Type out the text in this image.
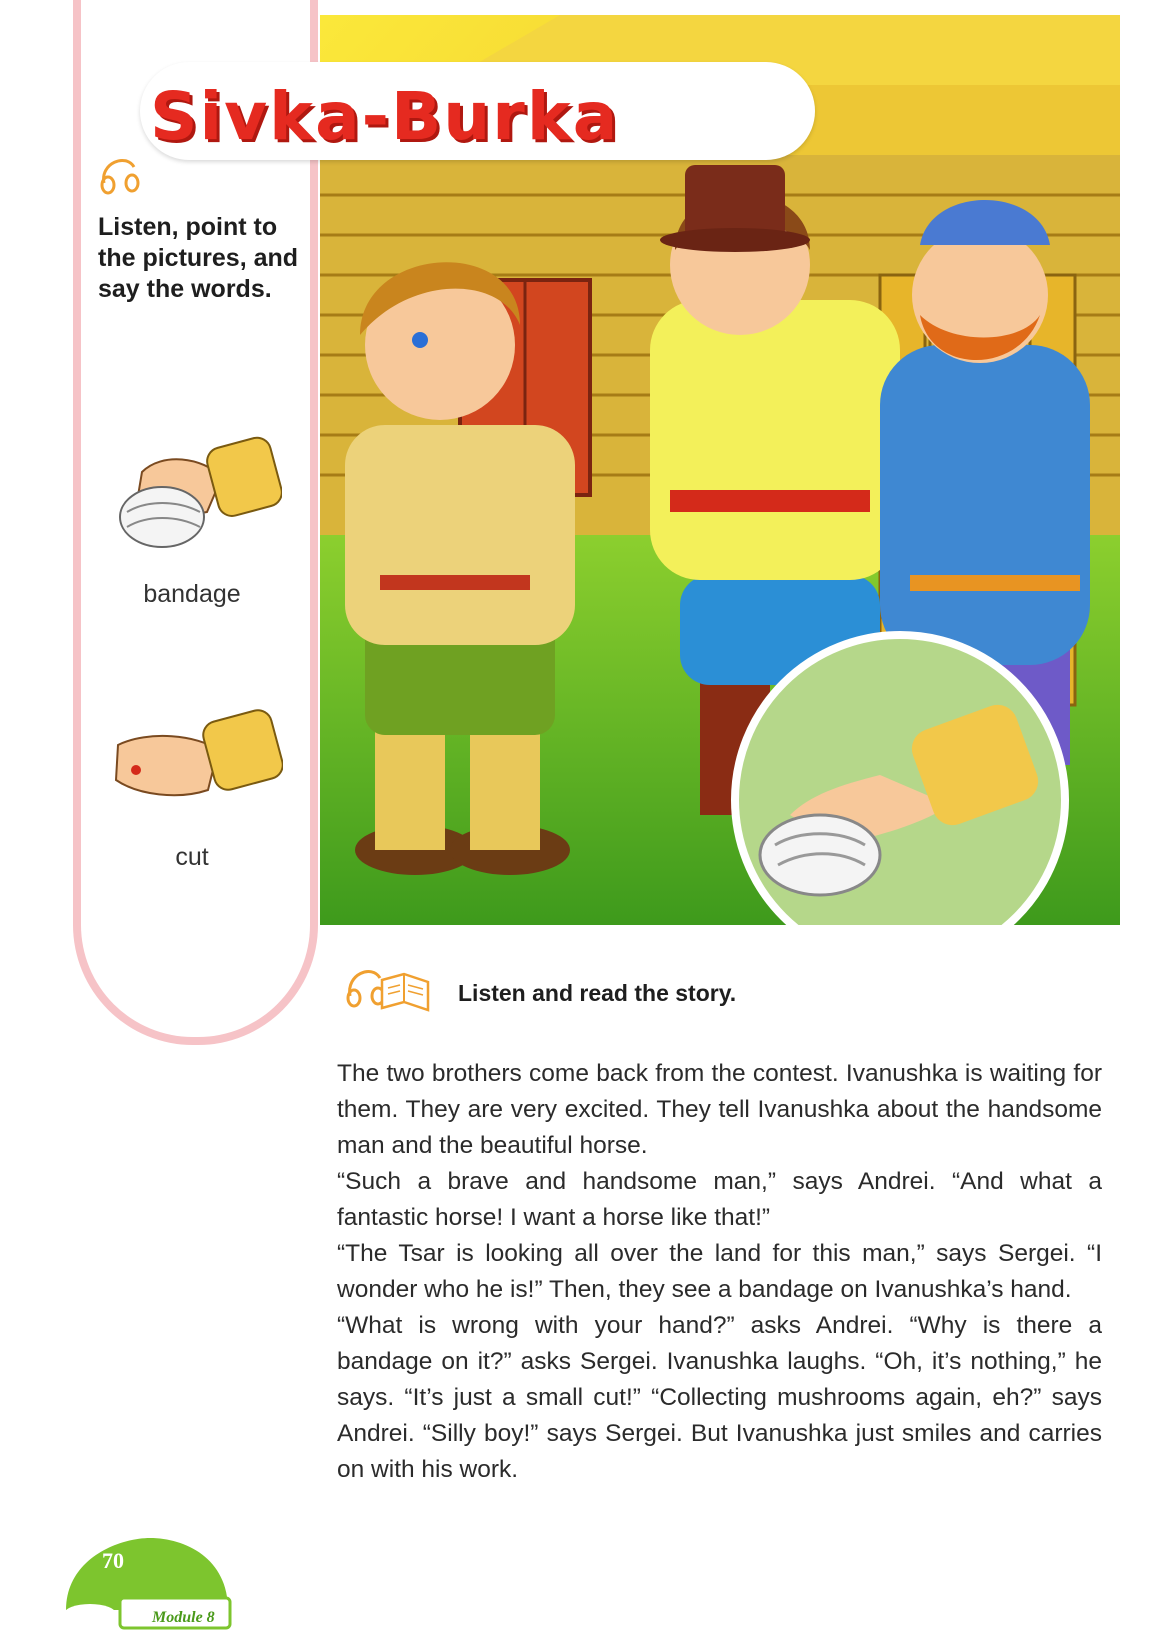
Sivka-Burka
Listen, point to the pictures, and say the words.
bandage
cut
Listen and read the story.

The two brothers come back from the contest. Ivanushka is waiting for them. They are very excited. They tell Ivanushka about the handsome man and the beautiful horse.

“Such a brave and handsome man,” says Andrei. “And what a fantastic horse! I want a horse like that!”

“The Tsar is looking all over the land for this man,” says Sergei. “I wonder who he is!” Then, they see a bandage on Ivanushka’s hand.

“What is wrong with your hand?” asks Andrei. “Why is there a bandage on it?” asks Sergei. Ivanushka laughs. “Oh, it’s nothing,” he says. “It’s just a small cut!” “Collecting mushrooms again, eh?” says Andrei. “Silly boy!” says Sergei. But Ivanushka just smiles and carries on with his work.

70
Module 8
